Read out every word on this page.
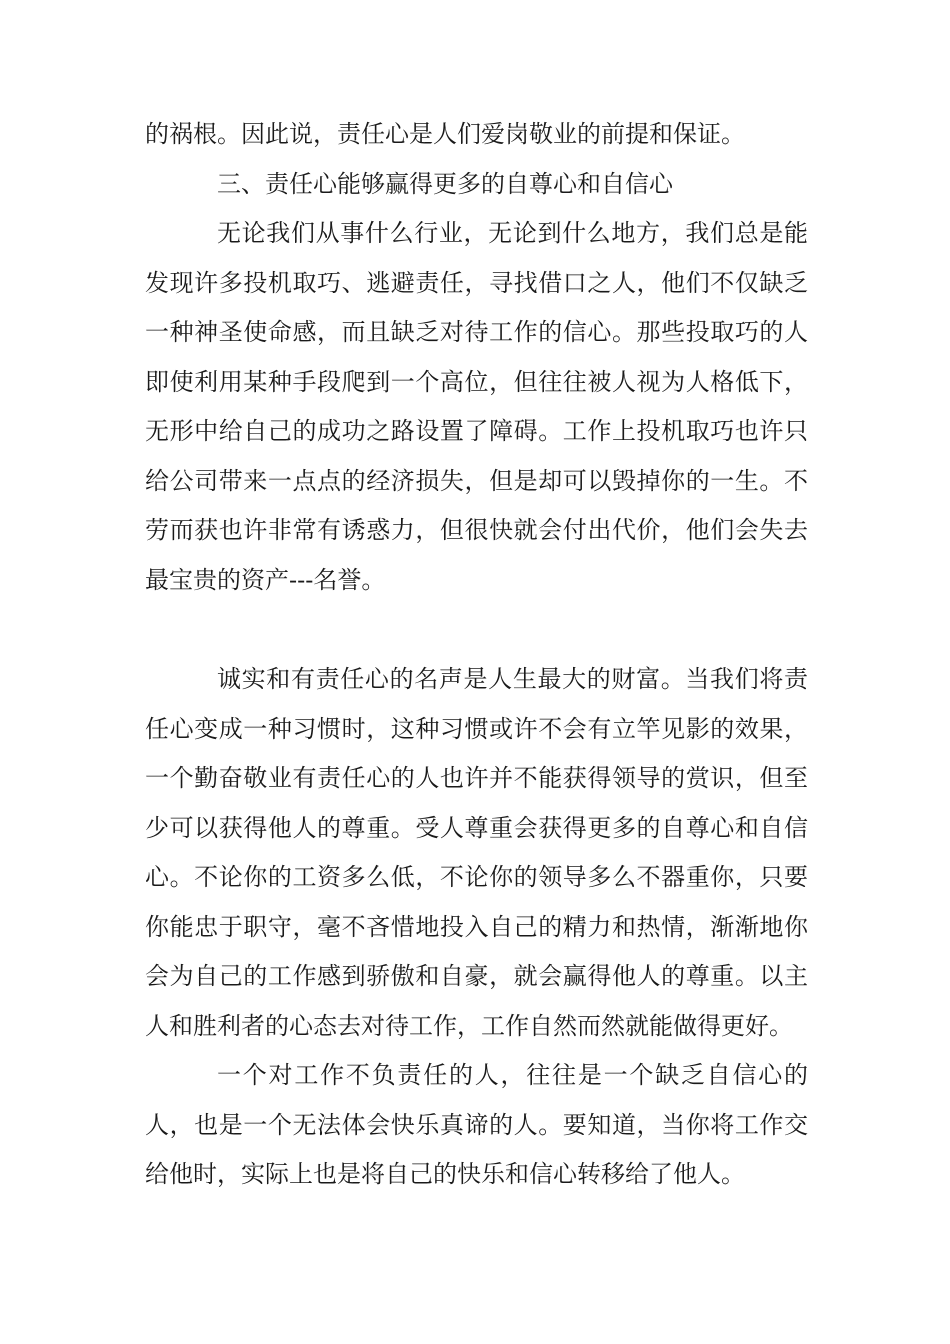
的祸根。因此说，责任心是人们爱岗敬业的前提和保证。

三、责任心能够赢得更多的自尊心和自信心

无论我们从事什么行业，无论到什么地方，我们总是能发现许多投机取巧、逃避责任，寻找借口之人，他们不仅缺乏一种神圣使命感，而且缺乏对待工作的信心。那些投取巧的人即使利用某种手段爬到一个高位，但往往被人视为人格低下，无形中给自己的成功之路设置了障碍。工作上投机取巧也许只给公司带来一点点的经济损失，但是却可以毁掉你的一生。不劳而获也许非常有诱惑力，但很快就会付出代价，他们会失去最宝贵的资产---名誉。

诚实和有责任心的名声是人生最大的财富。当我们将责任心变成一种习惯时，这种习惯或许不会有立竿见影的效果，一个勤奋敬业有责任心的人也许并不能获得领导的赏识，但至少可以获得他人的尊重。受人尊重会获得更多的自尊心和自信心。不论你的工资多么低，不论你的领导多么不器重你，只要你能忠于职守，毫不吝惜地投入自己的精力和热情，渐渐地你会为自己的工作感到骄傲和自豪，就会赢得他人的尊重。以主人和胜利者的心态去对待工作，工作自然而然就能做得更好。

一个对工作不负责任的人，往往是一个缺乏自信心的人，也是一个无法体会快乐真谛的人。要知道，当你将工作交给他时，实际上也是将自己的快乐和信心转移给了他人。
